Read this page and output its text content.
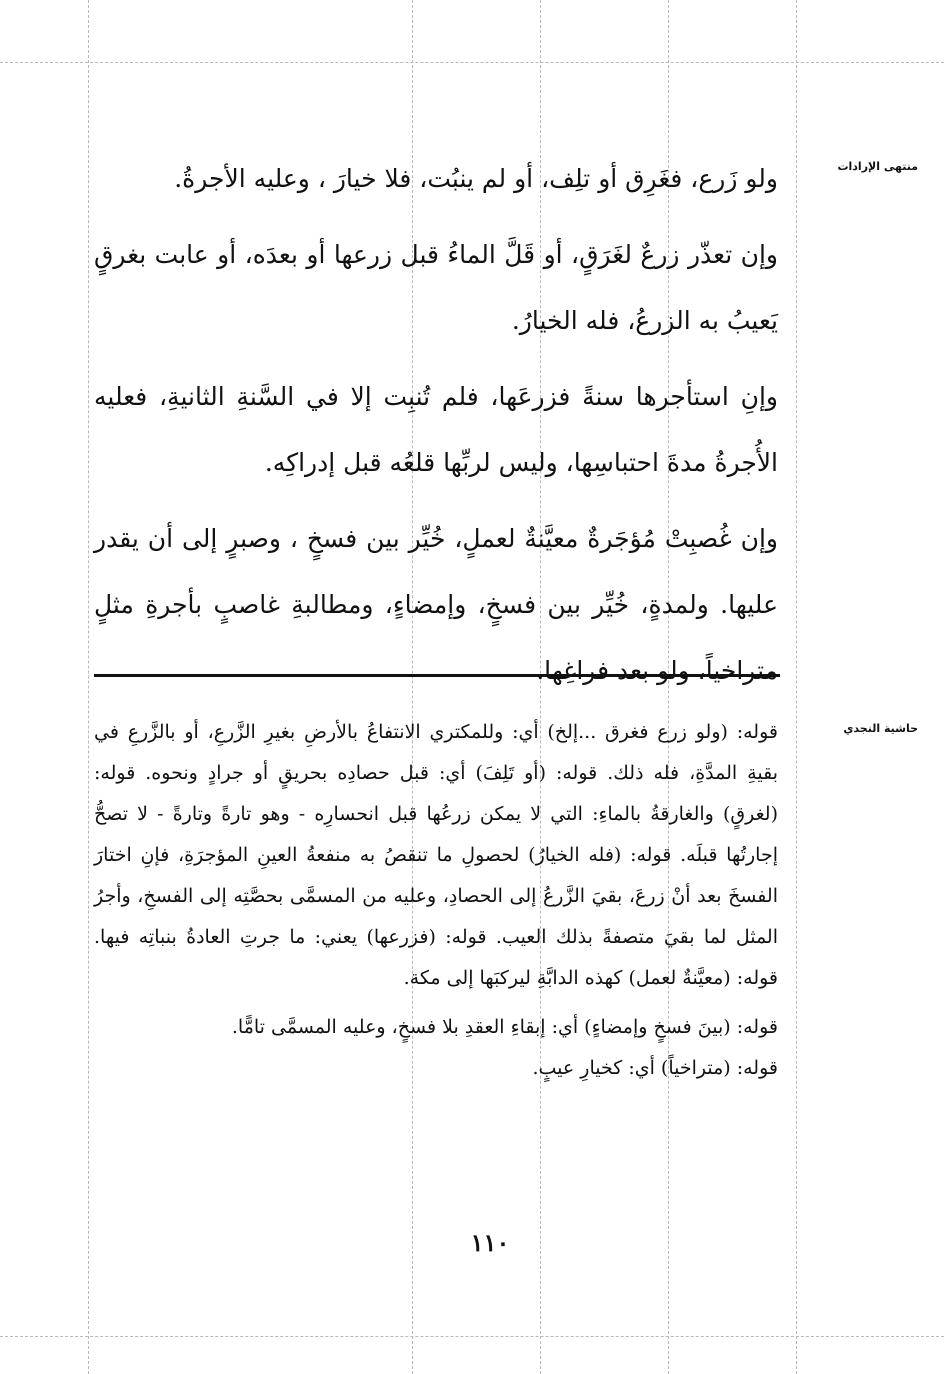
منتهى الإرادات
حاشية النجدي

ولو زَرع، فغَرِق أو تلِف، أو لم ينبُت، فلا خيارَ ، وعليه الأجرةُ.

وإن تعذّر زرعٌ لغَرَقٍ، أو قَلَّ الماءُ قبل زرعها أو بعدَه، أو عابت بغرقٍ يَعيبُ به الزرعُ، فله الخيارُ.

وإنِ استأجرها سنةً فزرعَها، فلم تُنبِت إلا في السَّنةِ الثانيةِ، فعليه الأُجرةُ مدةَ احتباسِها، وليس لربِّها قلعُه قبل إدراكِه.

وإن غُصبِتْ مُؤجَرةٌ معيَّنةٌ لعملٍ، خُيِّر بين فسخٍ ، وصبرٍ إلى أن يقدر عليها. ولمدةٍ، خُيِّر بين فسخٍ، وإمضاءٍ، ومطالبةِ غاصبٍ بأجرةِ مثلٍ متراخياً، ولو بعد فراغِها.

قوله: (ولو زرع فغرق ...إلخ) أي: وللمكتري الانتفاعُ بالأرضِ بغيرِ الزَّرعِ، أو بالزَّرعِ في بقيةِ المدَّةِ، فله ذلك. قوله: (أو تَلِفَ) أي: قبل حصادِه بحريقٍ أو جرادٍ ونحوه. قوله: (لغرقٍ) والغارقةُ بالماءِ: التي لا يمكن زرعُها قبل انحسارِه - وهو تارةً وتارةً - لا تصحُّ إجارتُها قبلَه. قوله: (فله الخيارُ) لحصولِ ما تنقصُ به منفعةُ العينِ المؤجرَةِ، فإنِ اختارَ الفسخَ بعد أنْ زرعَ، بقيَ الزَّرعُ إلى الحصادِ، وعليه من المسمَّى بحصَّتِه إلى الفسخِ، وأجرُ المثل لما بقيَ متصفةً بذلك العيب. قوله: (فزرعها) يعني: ما جرتِ العادةُ بنباتِه فيها. قوله: (معيَّنةٌ لعمل) كهذه الدابَّةِ ليركبَها إلى مكة.

قوله: (بينَ فسخٍ وإمضاءٍ) أي: إبقاءِ العقدِ بلا فسخٍ، وعليه المسمَّى تامًّا.

قوله: (متراخياً) أي: كخيارِ عيبٍ.

١١٠
